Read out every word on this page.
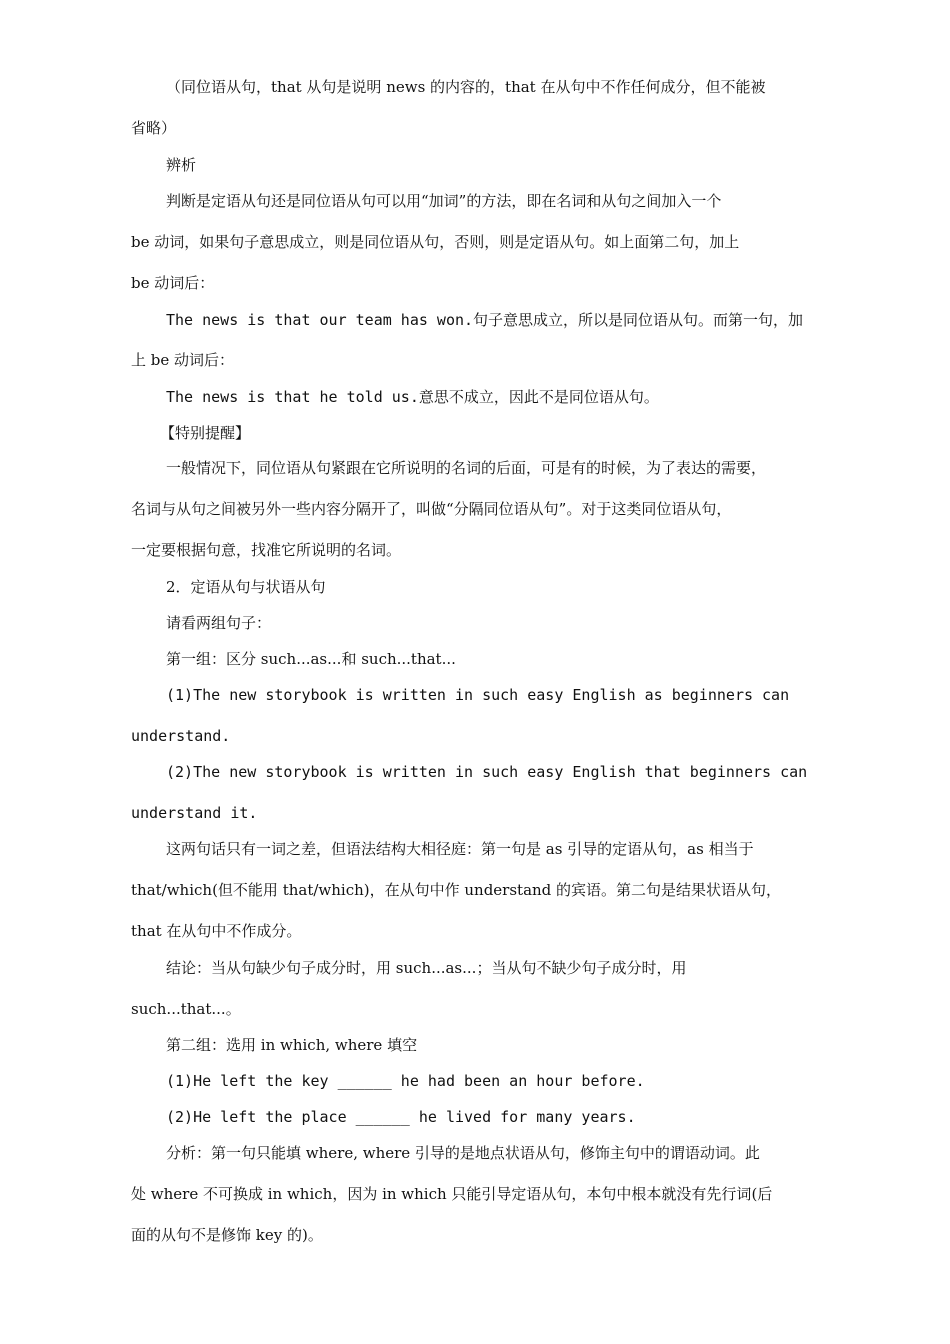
（同位语从句，that 从句是说明 news 的内容的，that 在从句中不作任何成分，但不能被
省略）
辨析
判断是定语从句还是同位语从句可以用“加词”的方法，即在名词和从句之间加入一个
be 动词，如果句子意思成立，则是同位语从句，否则，则是定语从句。如上面第二句，加上
be 动词后：
The news is that our team has won.句子意思成立，所以是同位语从句。而第一句，加
上 be 动词后：
The news is that he told us.意思不成立，因此不是同位语从句。
【特别提醒】
一般情况下，同位语从句紧跟在它所说明的名词的后面，可是有的时候，为了表达的需要，
名词与从句之间被另外一些内容分隔开了，叫做“分隔同位语从句”。对于这类同位语从句，
一定要根据句意，找准它所说明的名词。
2．定语从句与状语从句
请看两组句子：
第一组：区分 such...as...和 such...that...
(1)The new storybook is written in such easy English as beginners can
understand.
(2)The new storybook is written in such easy English that beginners can
understand it.
这两句话只有一词之差，但语法结构大相径庭：第一句是 as 引导的定语从句，as 相当于
that/which(但不能用 that/which)，在从句中作 understand 的宾语。第二句是结果状语从句，
that 在从句中不作成分。
结论：当从句缺少句子成分时，用 such...as...；当从句不缺少句子成分时，用
such...that...。
第二组：选用 in which, where 填空
(1)He left the key ______ he had been an hour before.
(2)He left the place ______ he lived for many years.
分析：第一句只能填 where, where 引导的是地点状语从句，修饰主句中的谓语动词。此
处 where 不可换成 in which，因为 in which 只能引导定语从句，本句中根本就没有先行词(后
面的从句不是修饰 key 的)。
